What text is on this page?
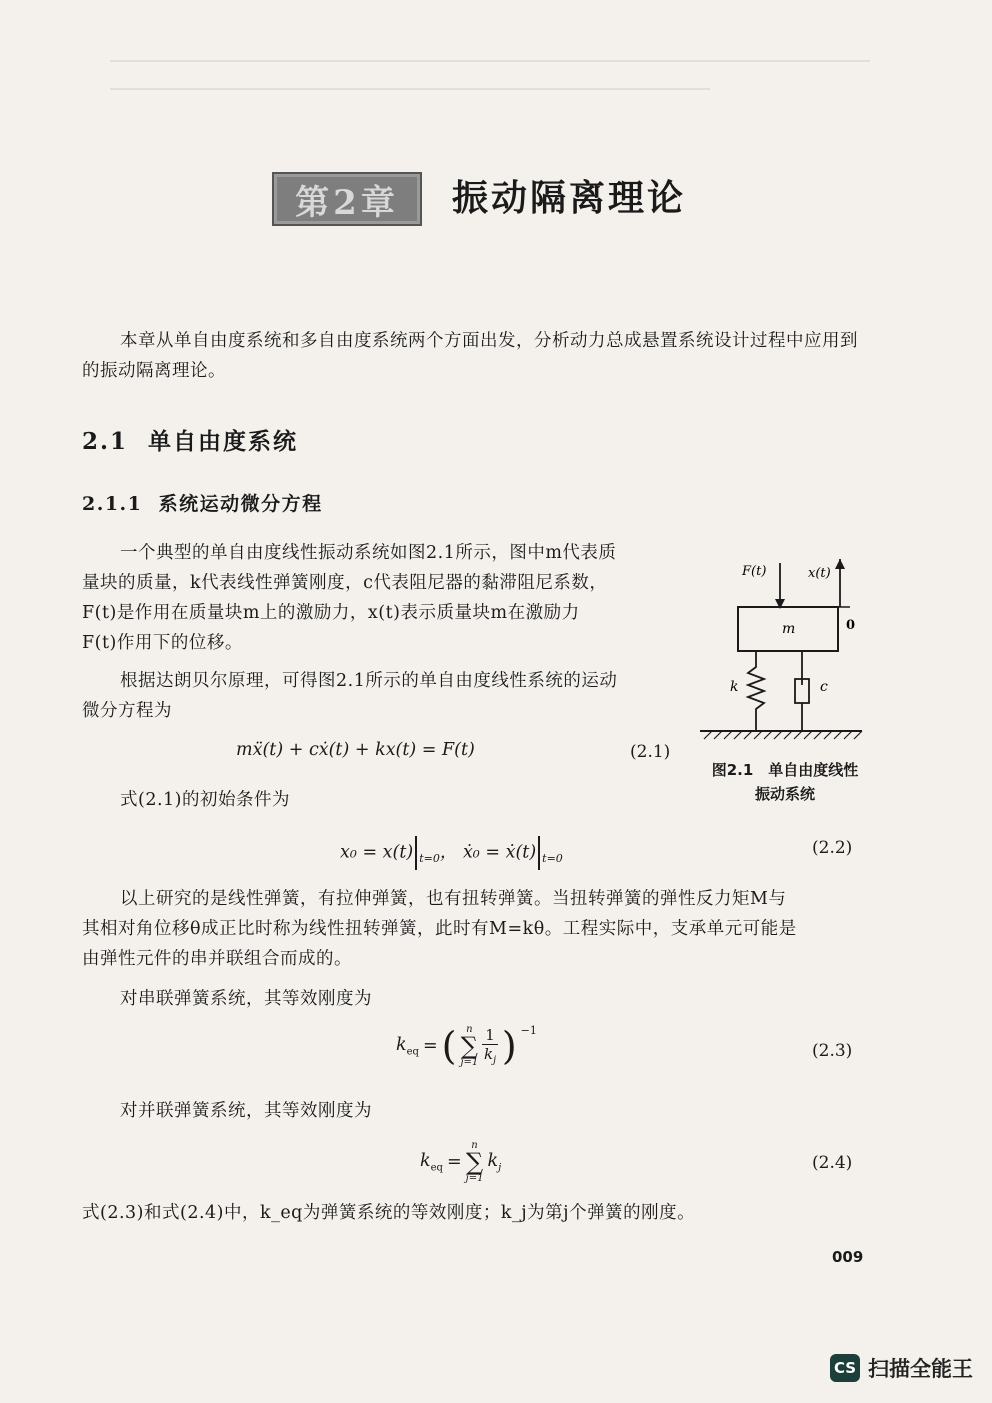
第2章	振动隔离理论
本章从单自由度系统和多自由度系统两个方面出发，分析动力总成悬置系统设计过程中应用到的振动隔离理论。
2.1 单自由度系统
2.1.1 系统运动微分方程
一个典型的单自由度线性振动系统如图2.1所示，图中m代表质
量块的质量，k代表线性弹簧刚度，c代表阻尼器的黏滞阻尼系数，
F(t)是作用在质量块m上的激励力，x(t)表示质量块m在激励力
F(t)作用下的位移。
根据达朗贝尔原理，可得图2.1所示的单自由度线性系统的运动
微分方程为
mẍ(t) + cẋ(t) + kx(t) = F(t)	(2.1)
F(t)	x(t)
m	0
k	c
图2.1　单自由度线性
振动系统
式(2.1)的初始条件为
x₀ = x(t) $_{t=0}$， ẋ₀ = ẋ(t) $_{t=0}$
(2.2)
以上研究的是线性弹簧，有拉伸弹簧，也有扭转弹簧。当扭转弹簧的弹性反力矩M与
其相对角位移θ成正比时称为线性扭转弹簧，此时有M=kθ。工程实际中，支承单元可能是
由弹性元件的串并联组合而成的。
对串联弹簧系统，其等效刚度为
$k_{eq}$ = ( n
∑
j=1
1
$k_j$ ) $^{-1}$
(2.3)
对并联弹簧系统，其等效刚度为
$k_{eq}$ =
n
∑
j=1
$k_j$	(2.4)
式(2.3)和式(2.4)中，k_eq为弹簧系统的等效刚度；k_j为第j个弹簧的刚度。
009
CS 扫描全能王
